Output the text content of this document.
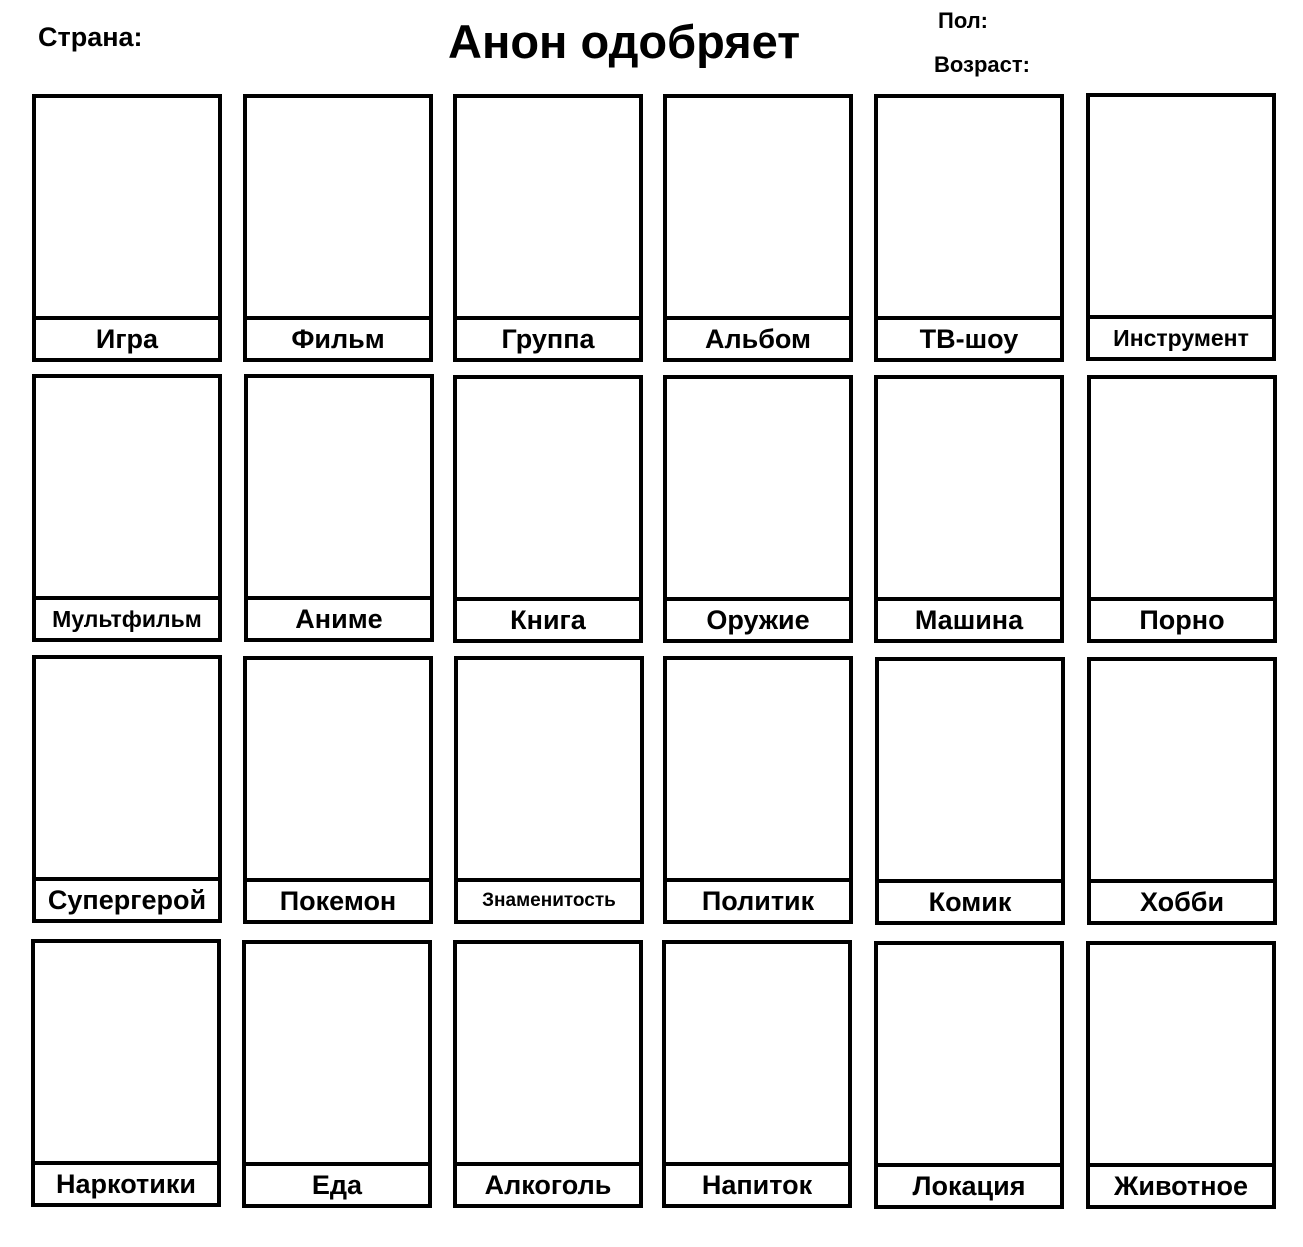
Страна:	Анон одобряет	Пол:
Возраст:
Игра	Фильм	Группа	Альбом	ТВ-шоу	Инструмент
Мультфильм	Аниме	Книга	Оружие	Машина	Порно
Супергерой	Покемон	Знаменитость	Политик	Комик	Хобби
Наркотики	Еда	Алкоголь	Напиток	Локация	Животное
